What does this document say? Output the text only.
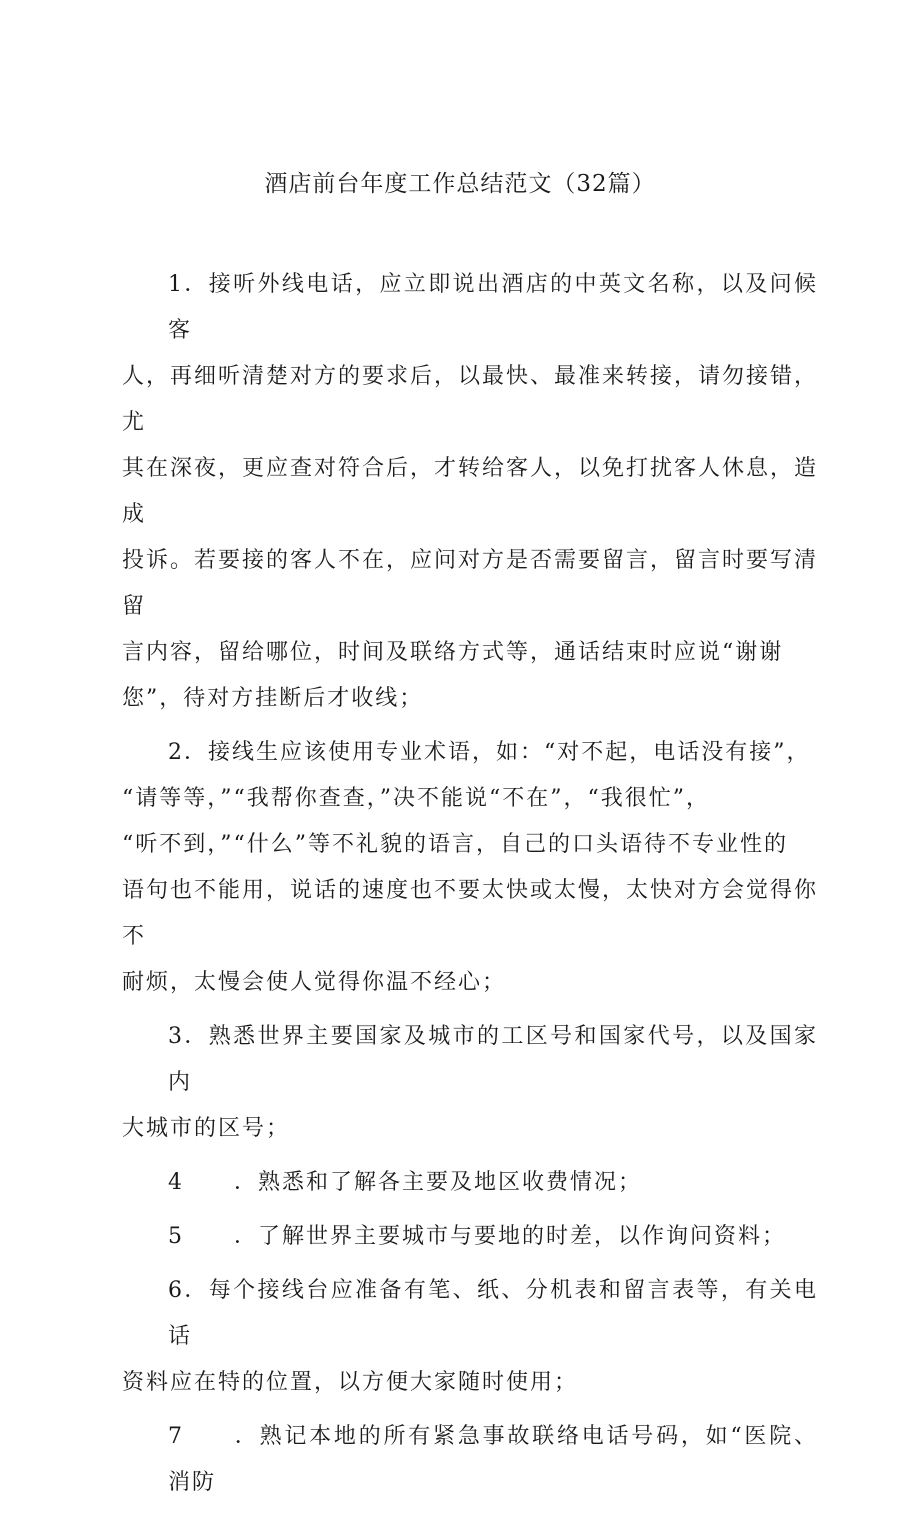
酒店前台年度工作总结范文（32篇）
1．接听外线电话，应立即说出酒店的中英文名称，以及问候客
人，再细听清楚对方的要求后，以最快、最准来转接，请勿接错，尤
其在深夜，更应查对符合后，才转给客人，以免打扰客人休息，造成
投诉。若要接的客人不在，应问对方是否需要留言，留言时要写清留
言内容，留给哪位，时间及联络方式等，通话结束时应说“谢谢
您”，待对方挂断后才收线；
2．接线生应该使用专业术语，如：“对不起，电话没有接”，
“请等等，”“我帮你查查，”决不能说“不在”，“我很忙”，
“听不到，”“什么”等不礼貌的语言，自己的口头语待不专业性的
语句也不能用，说话的速度也不要太快或太慢，太快对方会觉得你不
耐烦，太慢会使人觉得你温不经心；
3．熟悉世界主要国家及城市的工区号和国家代号，以及国家内
大城市的区号；
4 ．熟悉和了解各主要及地区收费情况；
5 ．了解世界主要城市与要地的时差，以作询问资料；
6．每个接线台应准备有笔、纸、分机表和留言表等，有关电话
资料应在特的位置，以方便大家随时使用；
7 ．熟记本地的所有紧急事故联络电话号码，如“医院、消防
